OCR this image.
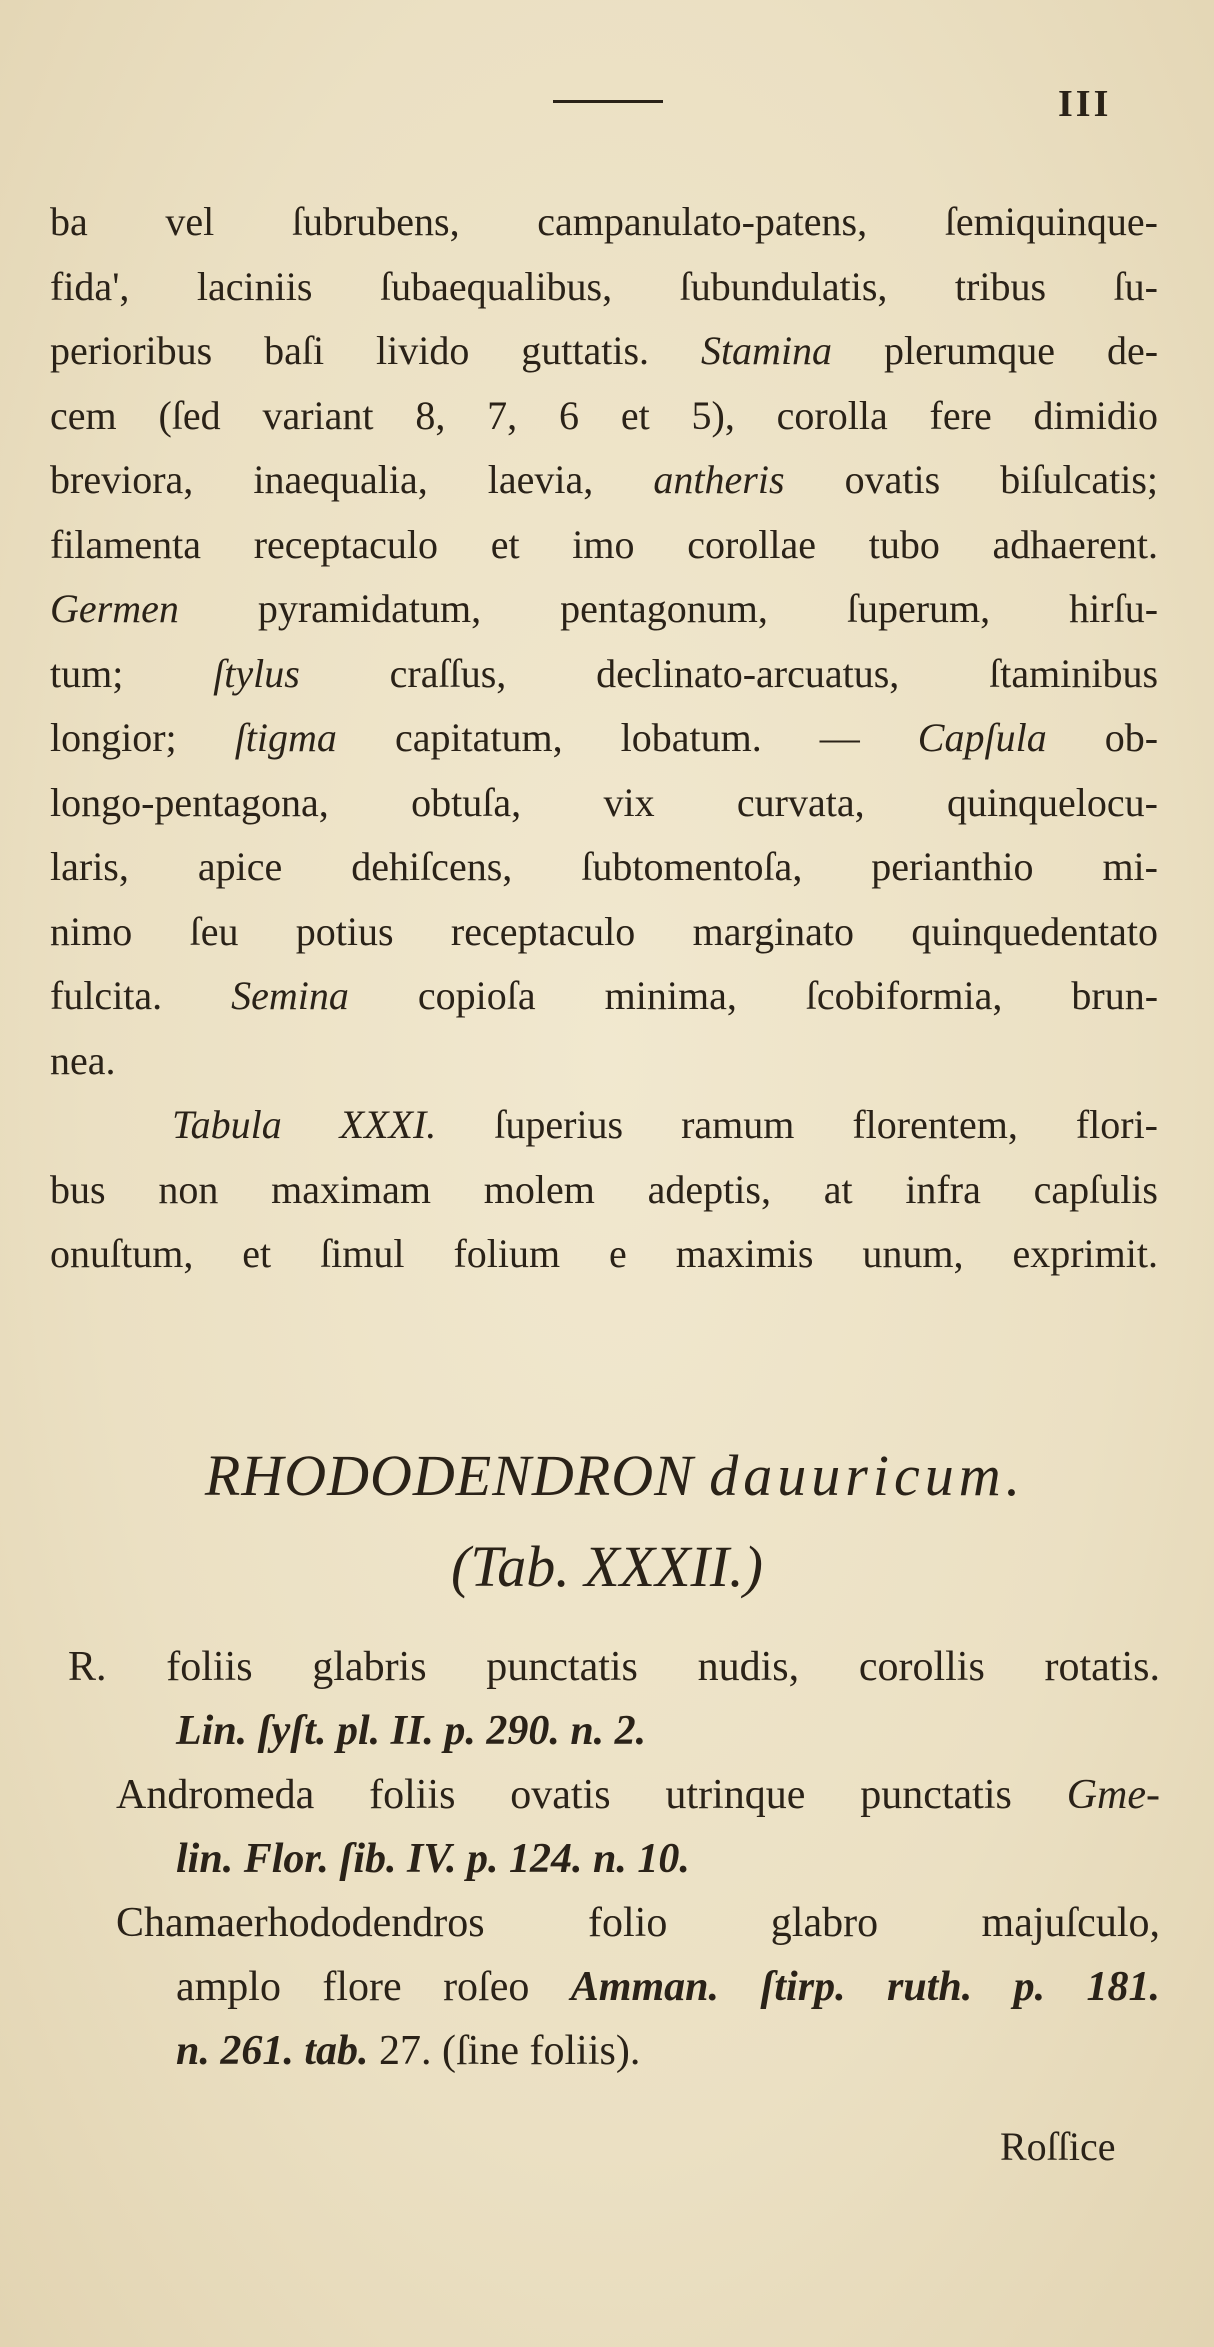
III
ba vel ſubrubens, campanulato-patens, ſemiquinque-
fida', laciniis ſubaequalibus, ſubundulatis, tribus ſu-
perioribus baſi livido guttatis. Stamina plerumque de-
cem (ſed variant 8, 7, 6 et 5), corolla fere dimidio
breviora, inaequalia, laevia, antheris ovatis biſulcatis;
filamenta receptaculo et imo corollae tubo adhaerent.
Germen pyramidatum, pentagonum, ſuperum, hirſu-
tum; ſtylus craſſus, declinato-arcuatus, ſtaminibus
longior; ſtigma capitatum, lobatum. — Capſula ob-
longo-pentagona, obtuſa, vix curvata, quinquelocu-
laris, apice dehiſcens, ſubtomentoſa, perianthio mi-
nimo ſeu potius receptaculo marginato quinquedentato
fulcita. Semina copioſa minima, ſcobiformia, brun-
nea.
Tabula XXXI. ſuperius ramum florentem, flori-
bus non maximam molem adeptis, at infra capſulis
onuſtum, et ſimul folium e maximis unum, exprimit.
RHODODENDRON dauuricum.
(Tab. XXXII.)
R. foliis glabris punctatis nudis, corollis rotatis.
Lin. ſyſt. pl. II. p. 290. n. 2.
Andromeda foliis ovatis utrinque punctatis Gme-
lin. Flor. ſib. IV. p. 124. n. 10.
Chamaerhododendros folio glabro majuſculo,
amplo flore roſeo Amman. ſtirp. ruth. p. 181.
n. 261. tab. 27. (ſine foliis).
Roſſice
